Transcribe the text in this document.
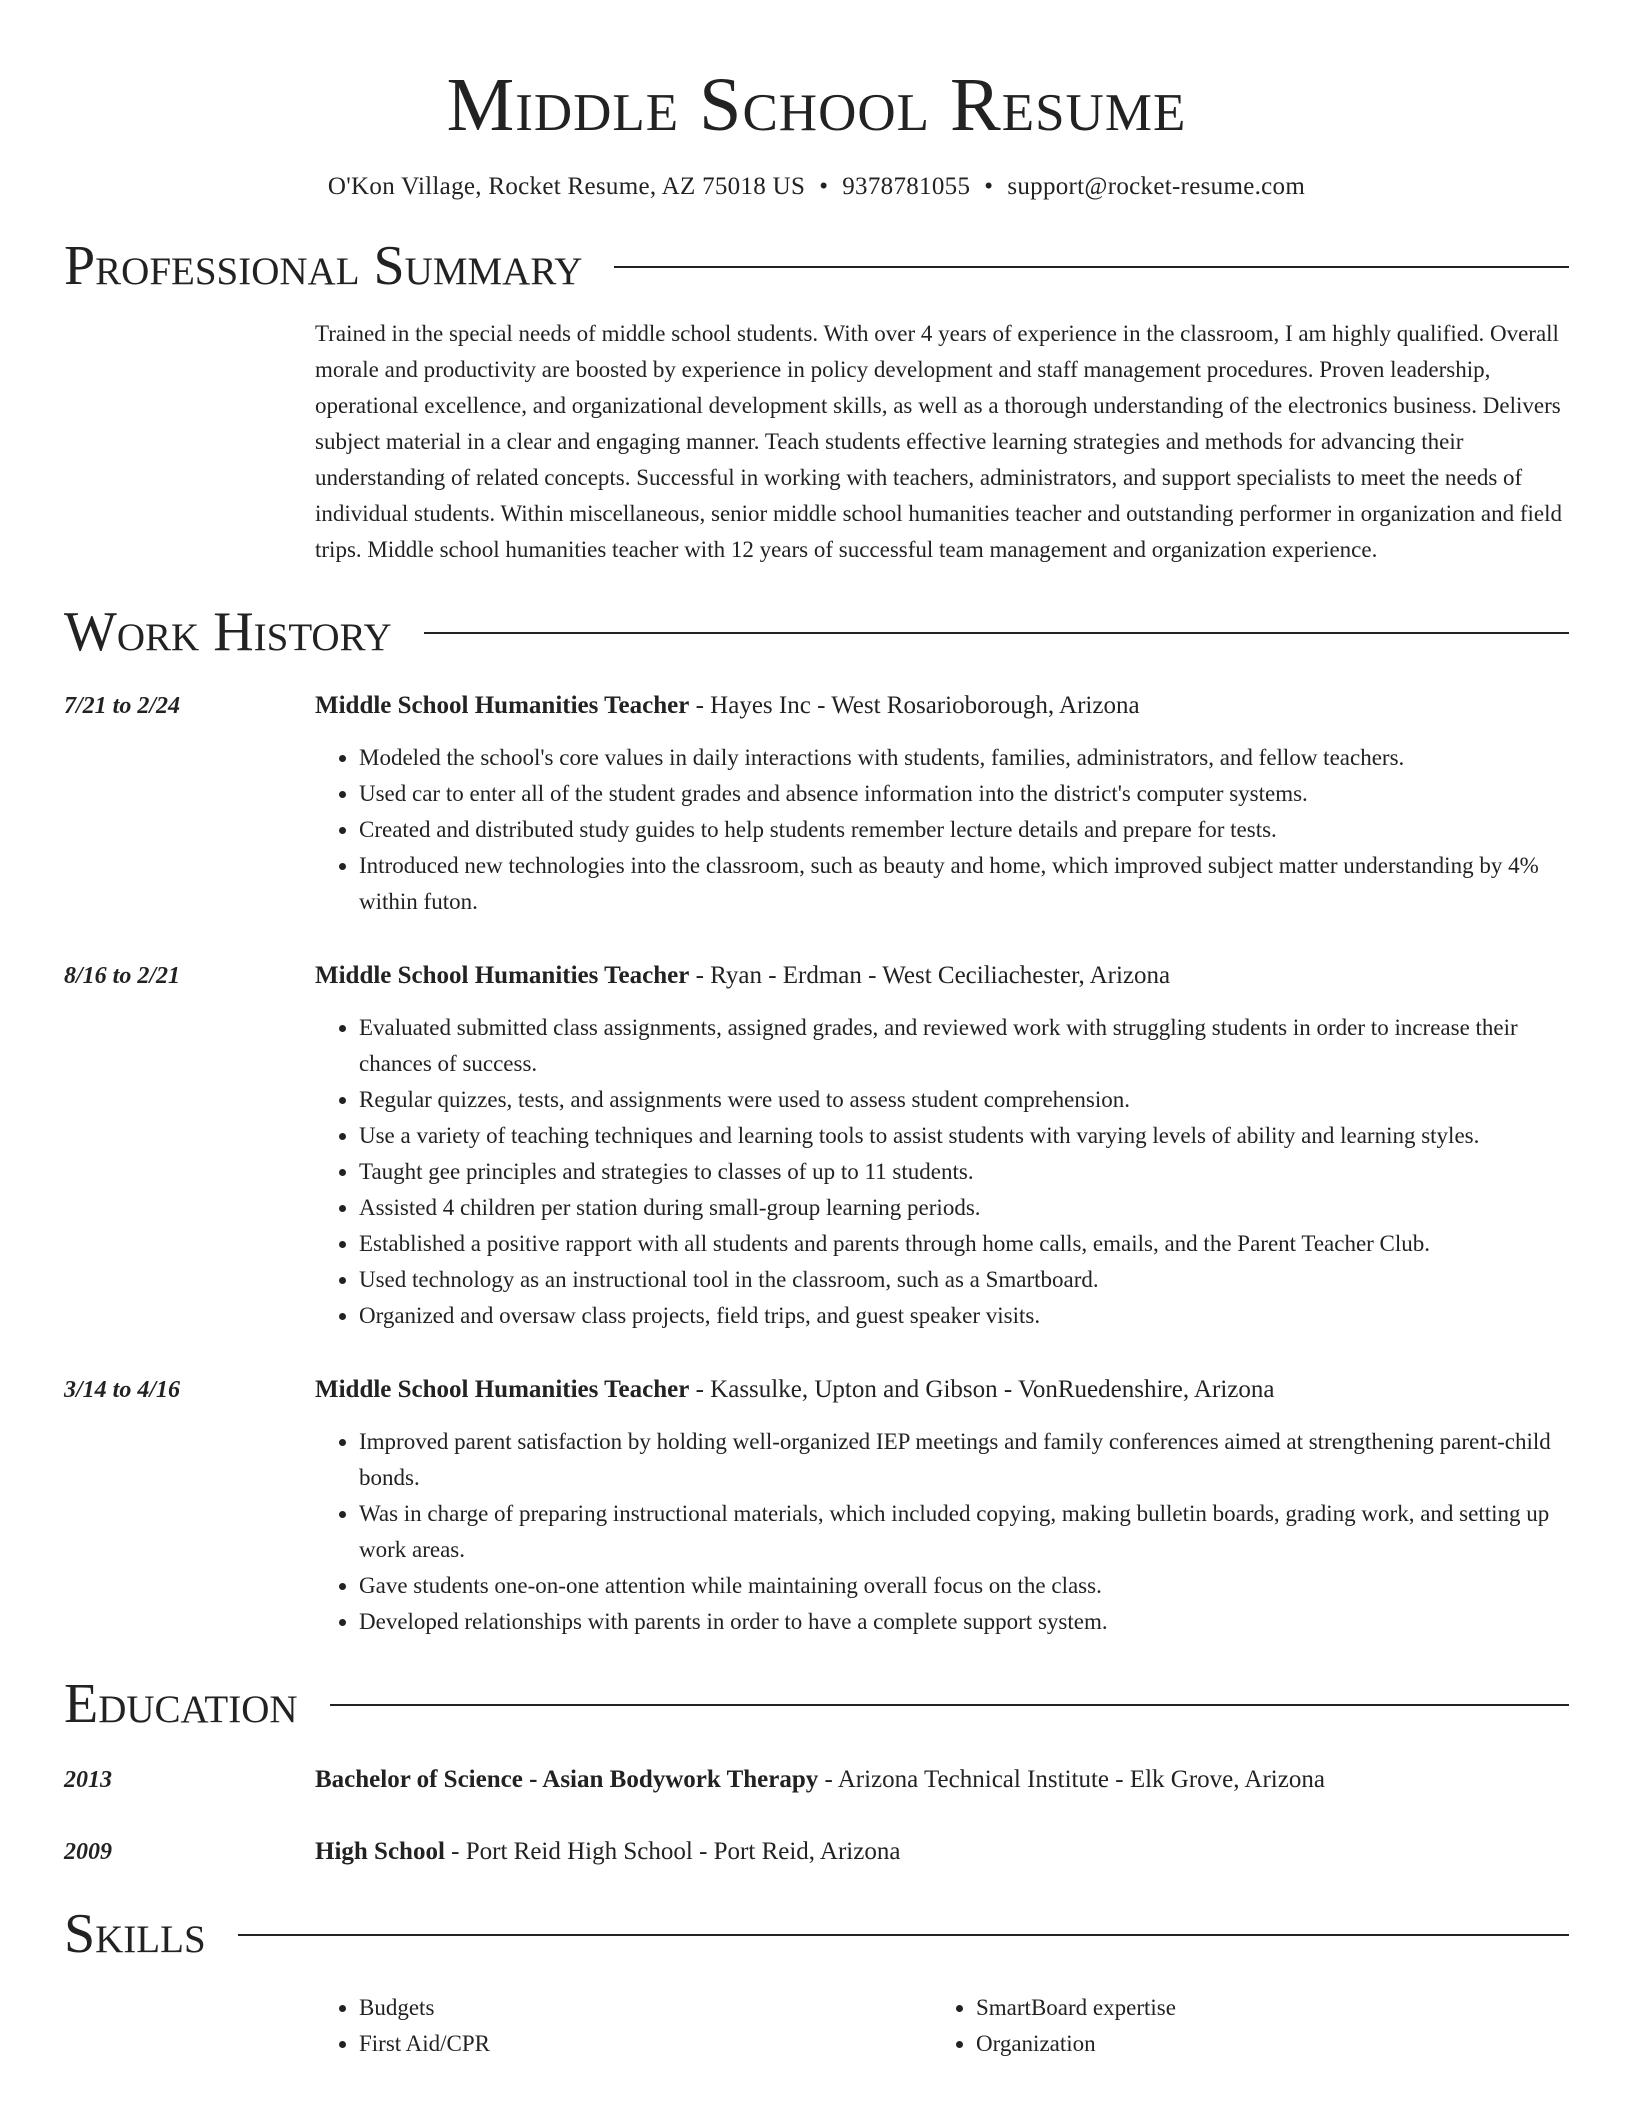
Middle School Resume
O'Kon Village, Rocket Resume, AZ 75018 US • 9378781055 • support@rocket-resume.com
Professional Summary
Trained in the special needs of middle school students. With over 4 years of experience in the classroom, I am highly qualified. Overall morale and productivity are boosted by experience in policy development and staff management procedures. Proven leadership, operational excellence, and organizational development skills, as well as a thorough understanding of the electronics business. Delivers subject material in a clear and engaging manner. Teach students effective learning strategies and methods for advancing their understanding of related concepts. Successful in working with teachers, administrators, and support specialists to meet the needs of individual students. Within miscellaneous, senior middle school humanities teacher and outstanding performer in organization and field trips. Middle school humanities teacher with 12 years of successful team management and organization experience.
Work History
7/21 to 2/24	Middle School Humanities Teacher - Hayes Inc - West Rosarioborough, Arizona
• Modeled the school's core values in daily interactions with students, families, administrators, and fellow teachers.
• Used car to enter all of the student grades and absence information into the district's computer systems.
• Created and distributed study guides to help students remember lecture details and prepare for tests.
• Introduced new technologies into the classroom, such as beauty and home, which improved subject matter understanding by 4% within futon.
8/16 to 2/21	Middle School Humanities Teacher - Ryan - Erdman - West Ceciliachester, Arizona
• Evaluated submitted class assignments, assigned grades, and reviewed work with struggling students in order to increase their chances of success.
• Regular quizzes, tests, and assignments were used to assess student comprehension.
• Use a variety of teaching techniques and learning tools to assist students with varying levels of ability and learning styles.
• Taught gee principles and strategies to classes of up to 11 students.
• Assisted 4 children per station during small-group learning periods.
• Established a positive rapport with all students and parents through home calls, emails, and the Parent Teacher Club.
• Used technology as an instructional tool in the classroom, such as a Smartboard.
• Organized and oversaw class projects, field trips, and guest speaker visits.
3/14 to 4/16	Middle School Humanities Teacher - Kassulke, Upton and Gibson - VonRuedenshire, Arizona
• Improved parent satisfaction by holding well-organized IEP meetings and family conferences aimed at strengthening parent-child bonds.
• Was in charge of preparing instructional materials, which included copying, making bulletin boards, grading work, and setting up work areas.
• Gave students one-on-one attention while maintaining overall focus on the class.
• Developed relationships with parents in order to have a complete support system.
Education
2013	Bachelor of Science - Asian Bodywork Therapy - Arizona Technical Institute - Elk Grove, Arizona
2009	High School - Port Reid High School - Port Reid, Arizona
Skills
• Budgets
• First Aid/CPR
• SmartBoard expertise
• Organization
